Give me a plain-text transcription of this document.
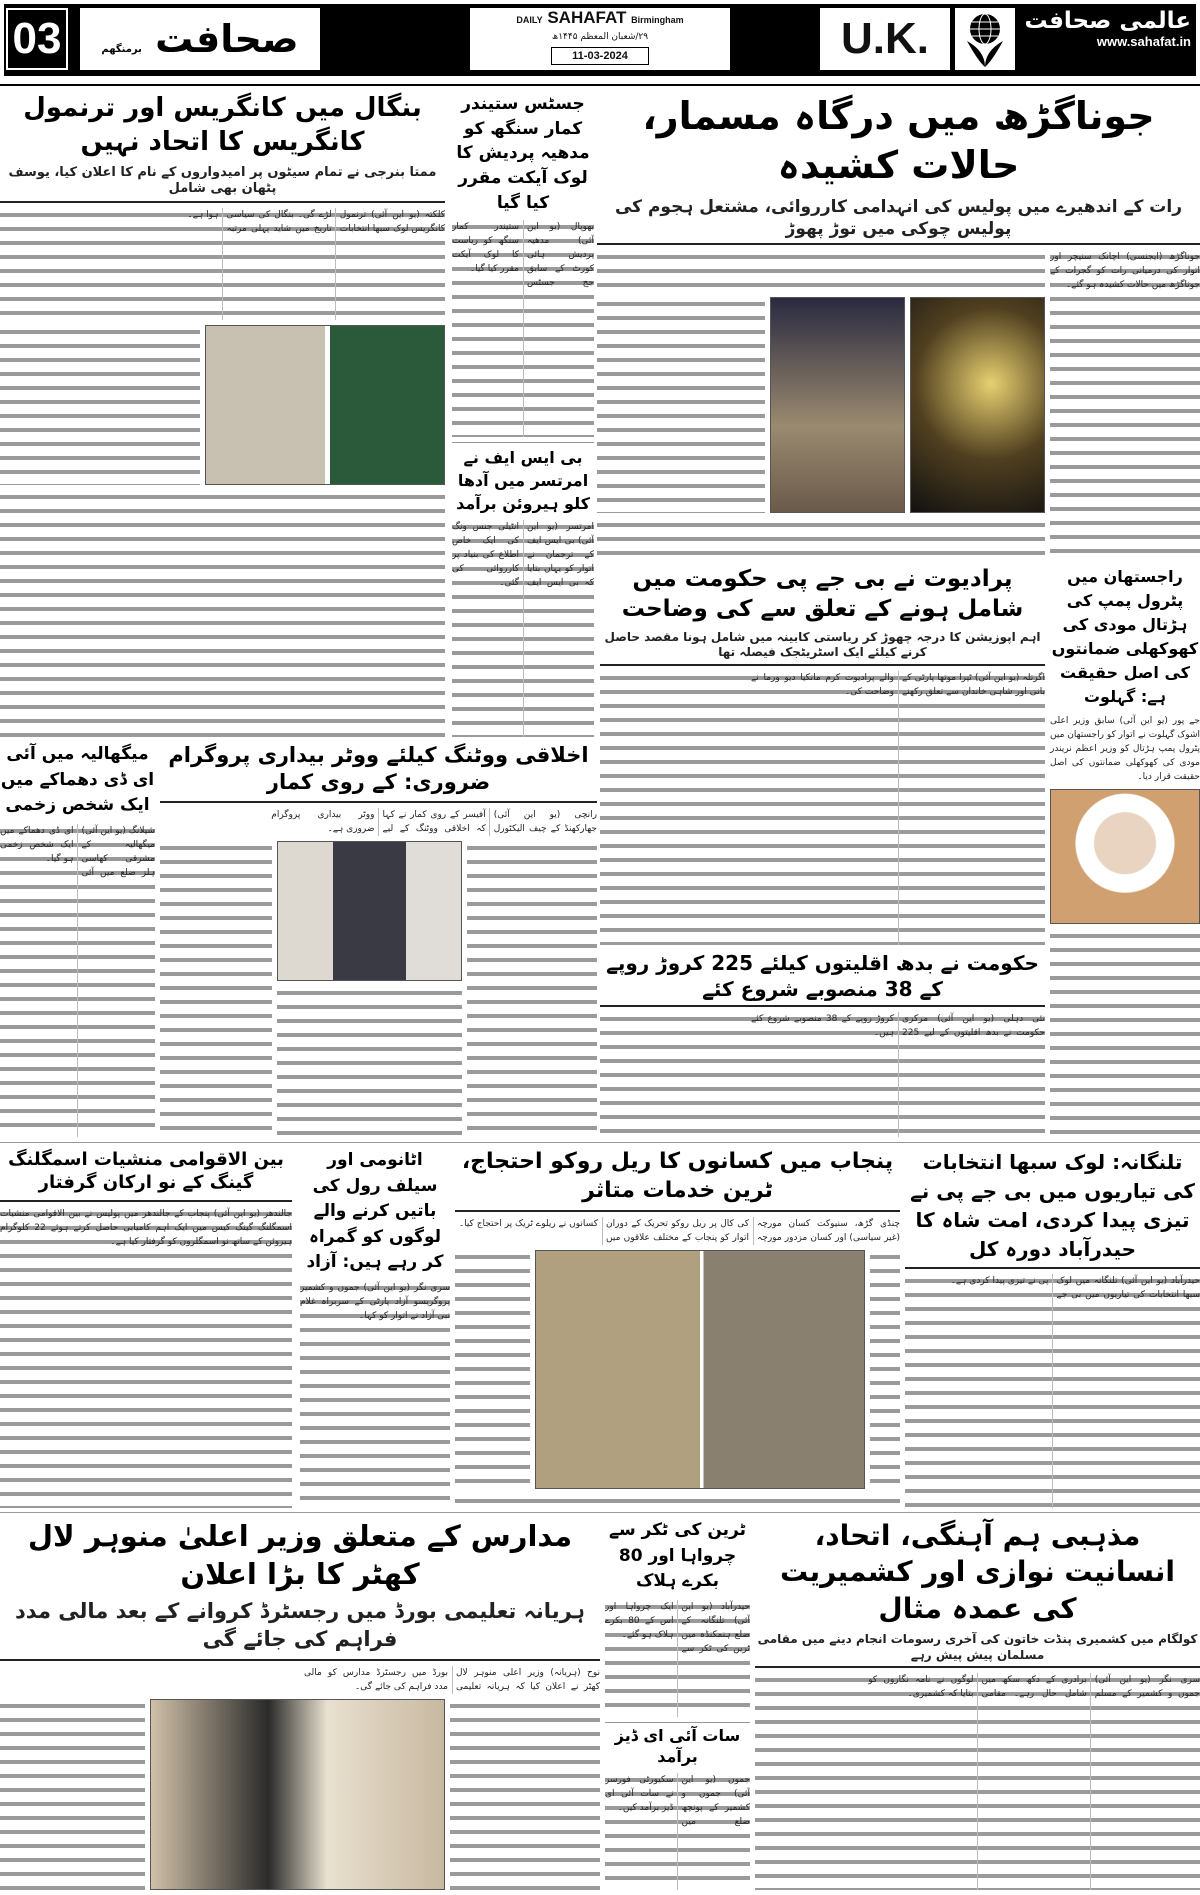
03	صحافت برمنگھم
DAILY SAHAFAT Birmingham
۲۹/شعبان المعظم ۱۴۴۵ھ
11-03-2024	U.K.	عالمی صحافت
www.sahafat.in
جوناگڑھ میں درگاہ مسمار، حالات کشیدہ
رات کے اندھیرے میں پولیس کی انہدامی کارروائی، مشتعل ہجوم کی پولیس چوکی میں توڑ پھوڑ
جوناگڑھ (ایجنسی) اچانک سنیچر اور اتوار کی درمیانی رات کو گجرات کے جوناگڑھ میں حالات کشیدہ ہو گئے۔
بنگال میں کانگریس اور ترنمول کانگریس کا اتحاد نہیں
ممتا بنرجی نے تمام سیٹوں پر امیدواروں کے نام کا اعلان کیا، یوسف پٹھان بھی شامل
کلکتہ (یو این آئی) ترنمول کانگریس لوک سبھا انتخابات لڑے گی۔ بنگال کی سیاسی تاریخ میں شاید پہلی مرتبہ ہوا ہے۔
جسٹس ستیندر کمار سنگھ کو مدھیہ پردیش کا لوک آیکت مقرر کیا گیا
بھوپال (یو این آئی) مدھیہ پردیش ہائی کورٹ کے سابق جج جسٹس ستیندر کمار سنگھ کو ریاست کا لوک آیکت مقرر کیا گیا۔
بی ایس ایف نے امرتسر میں آدھا کلو ہیروئن برآمد
امرتسر (یو این آئی) بی ایس ایف کے ترجمان نے اتوار کو یہاں بتایا کہ بی ایس ایف انٹیلی جنس ونگ کی ایک خاص اطلاع کی بنیاد پر کارروائی کی گئی۔	راجستھان میں پٹرول پمپ کی ہڑتال مودی کی کھوکھلی ضمانتوں کی اصل حقیقت ہے: گہلوت
جے پور (یو این آئی) سابق وزیر اعلی اشوک گہلوت نے اتوار کو راجستھان میں پٹرول پمپ ہڑتال کو وزیر اعظم نریندر مودی کی کھوکھلی ضمانتوں کی اصل حقیقت قرار دیا۔
پرادیوت نے بی جے پی حکومت میں شامل ہونے کے تعلق سے کی وضاحت
اہم اپوزیشن کا درجہ چھوڑ کر ریاستی کابینہ میں شامل ہونا مقصد حاصل کرنے کیلئے ایک اسٹریٹجک فیصلہ تھا
اگرتلہ (یو این آئی) ٹپرا موتھا پارٹی کے بانی اور شاہی خاندان سے تعلق رکھنے والے پرادیوت کرم مانکیا دیو ورما نے وضاحت کی۔
حکومت نے بدھ اقلیتوں کیلئے 225 کروڑ روپے کے 38 منصوبے شروع کئے
نئی دہلی (یو این آئی) مرکزی حکومت نے بدھ اقلیتوں کے لیے 225 کروڑ روپے کے 38 منصوبے شروع کئے ہیں۔
میگھالیہ میں آئی ای ڈی دھماکے میں ایک شخص زخمی
شیلانگ (یو این آئی) میگھالیہ کے مشرقی کھاسی ہلز ضلع میں آئی ای ڈی دھماکے میں ایک شخص زخمی ہو گیا۔
اخلاقی ووٹنگ کیلئے ووٹر بیداری پروگرام ضروری: کے روی کمار
رانچی (یو این آئی) جھارکھنڈ کے چیف الیکٹورل آفیسر کے روی کمار نے کہا کہ اخلاقی ووٹنگ کے لیے ووٹر بیداری پروگرام ضروری ہے۔
تلنگانہ: لوک سبھا انتخابات کی تیاریوں میں بی جے پی نے تیزی پیدا کردی، امت شاہ کا حیدرآباد دورہ کل
حیدرآباد (یو این آئی) تلنگانہ میں لوک سبھا انتخابات کی تیاریوں میں بی جے پی نے تیزی پیدا کردی ہے۔
پنجاب میں کسانوں کا ریل روکو احتجاج، ٹرین خدمات متاثر
چنڈی گڑھ، سنیوکت کسان مورچہ (غیر سیاسی) اور کسان مزدور مورچہ کی کال پر ریل روکو تحریک کے دوران اتوار کو پنجاب کے مختلف علاقوں میں کسانوں نے ریلوے ٹریک پر احتجاج کیا۔
اٹانومی اور سیلف رول کی باتیں کرنے والے لوگوں کو گمراہ کر رہے ہیں: آزاد
سری نگر (یو این آئی) جموں و کشمیر پروگریسو آزاد پارٹی کے سربراہ غلام نبی آزاد نے اتوار کو کہا۔
بین الاقوامی منشیات اسمگلنگ گینگ کے نو ارکان گرفتار
جالندھر (یو این آئی) پنجاب کے جالندھر میں پولیس نے بین الاقوامی منشیات اسمگلنگ گینگ کیس میں ایک اہم کامیابی حاصل کرتے ہوئے 22 کلوگرام ہیروئن کے ساتھ نو اسمگلروں کو گرفتار کیا ہے۔
مذہبی ہم آہنگی، اتحاد، انسانیت نوازی اور کشمیریت کی عمدہ مثال
کولگام میں کشمیری پنڈت خاتون کی آخری رسومات انجام دینے میں مقامی مسلمان پیش پیش رہے
سری نگر (یو این آئی) جموں و کشمیر کے مسلم برادری کے دکھ سکھ میں شامل حال رہے۔ مقامی لوگوں نے نامہ نگاروں کو بتایا کہ کشمیری۔
ٹرین کی ٹکر سے چرواہا اور 80 بکرے ہلاک
حیدرآباد (یو این آئی) تلنگانہ کے ضلع ہنمکنڈہ میں ٹرین کی ٹکر سے ایک چرواہا اور اس کے 80 بکرے ہلاک ہو گئے۔
سات آئی ای ڈیز برآمد
جموں (یو این آئی) جموں و کشمیر کے پونچھ ضلع میں سکیورٹی فورسز نے سات آئی ای ڈیز برآمد کیں۔
مدارس کے متعلق وزیر اعلیٰ منوہر لال کھٹر کا بڑا اعلان
ہریانہ تعلیمی بورڈ میں رجسٹرڈ کروانے کے بعد مالی مدد فراہم کی جائے گی
نوح (ہریانہ) وزیر اعلی منوہر لال کھٹر نے اعلان کیا کہ ہریانہ تعلیمی بورڈ میں رجسٹرڈ مدارس کو مالی مدد فراہم کی جائے گی۔
